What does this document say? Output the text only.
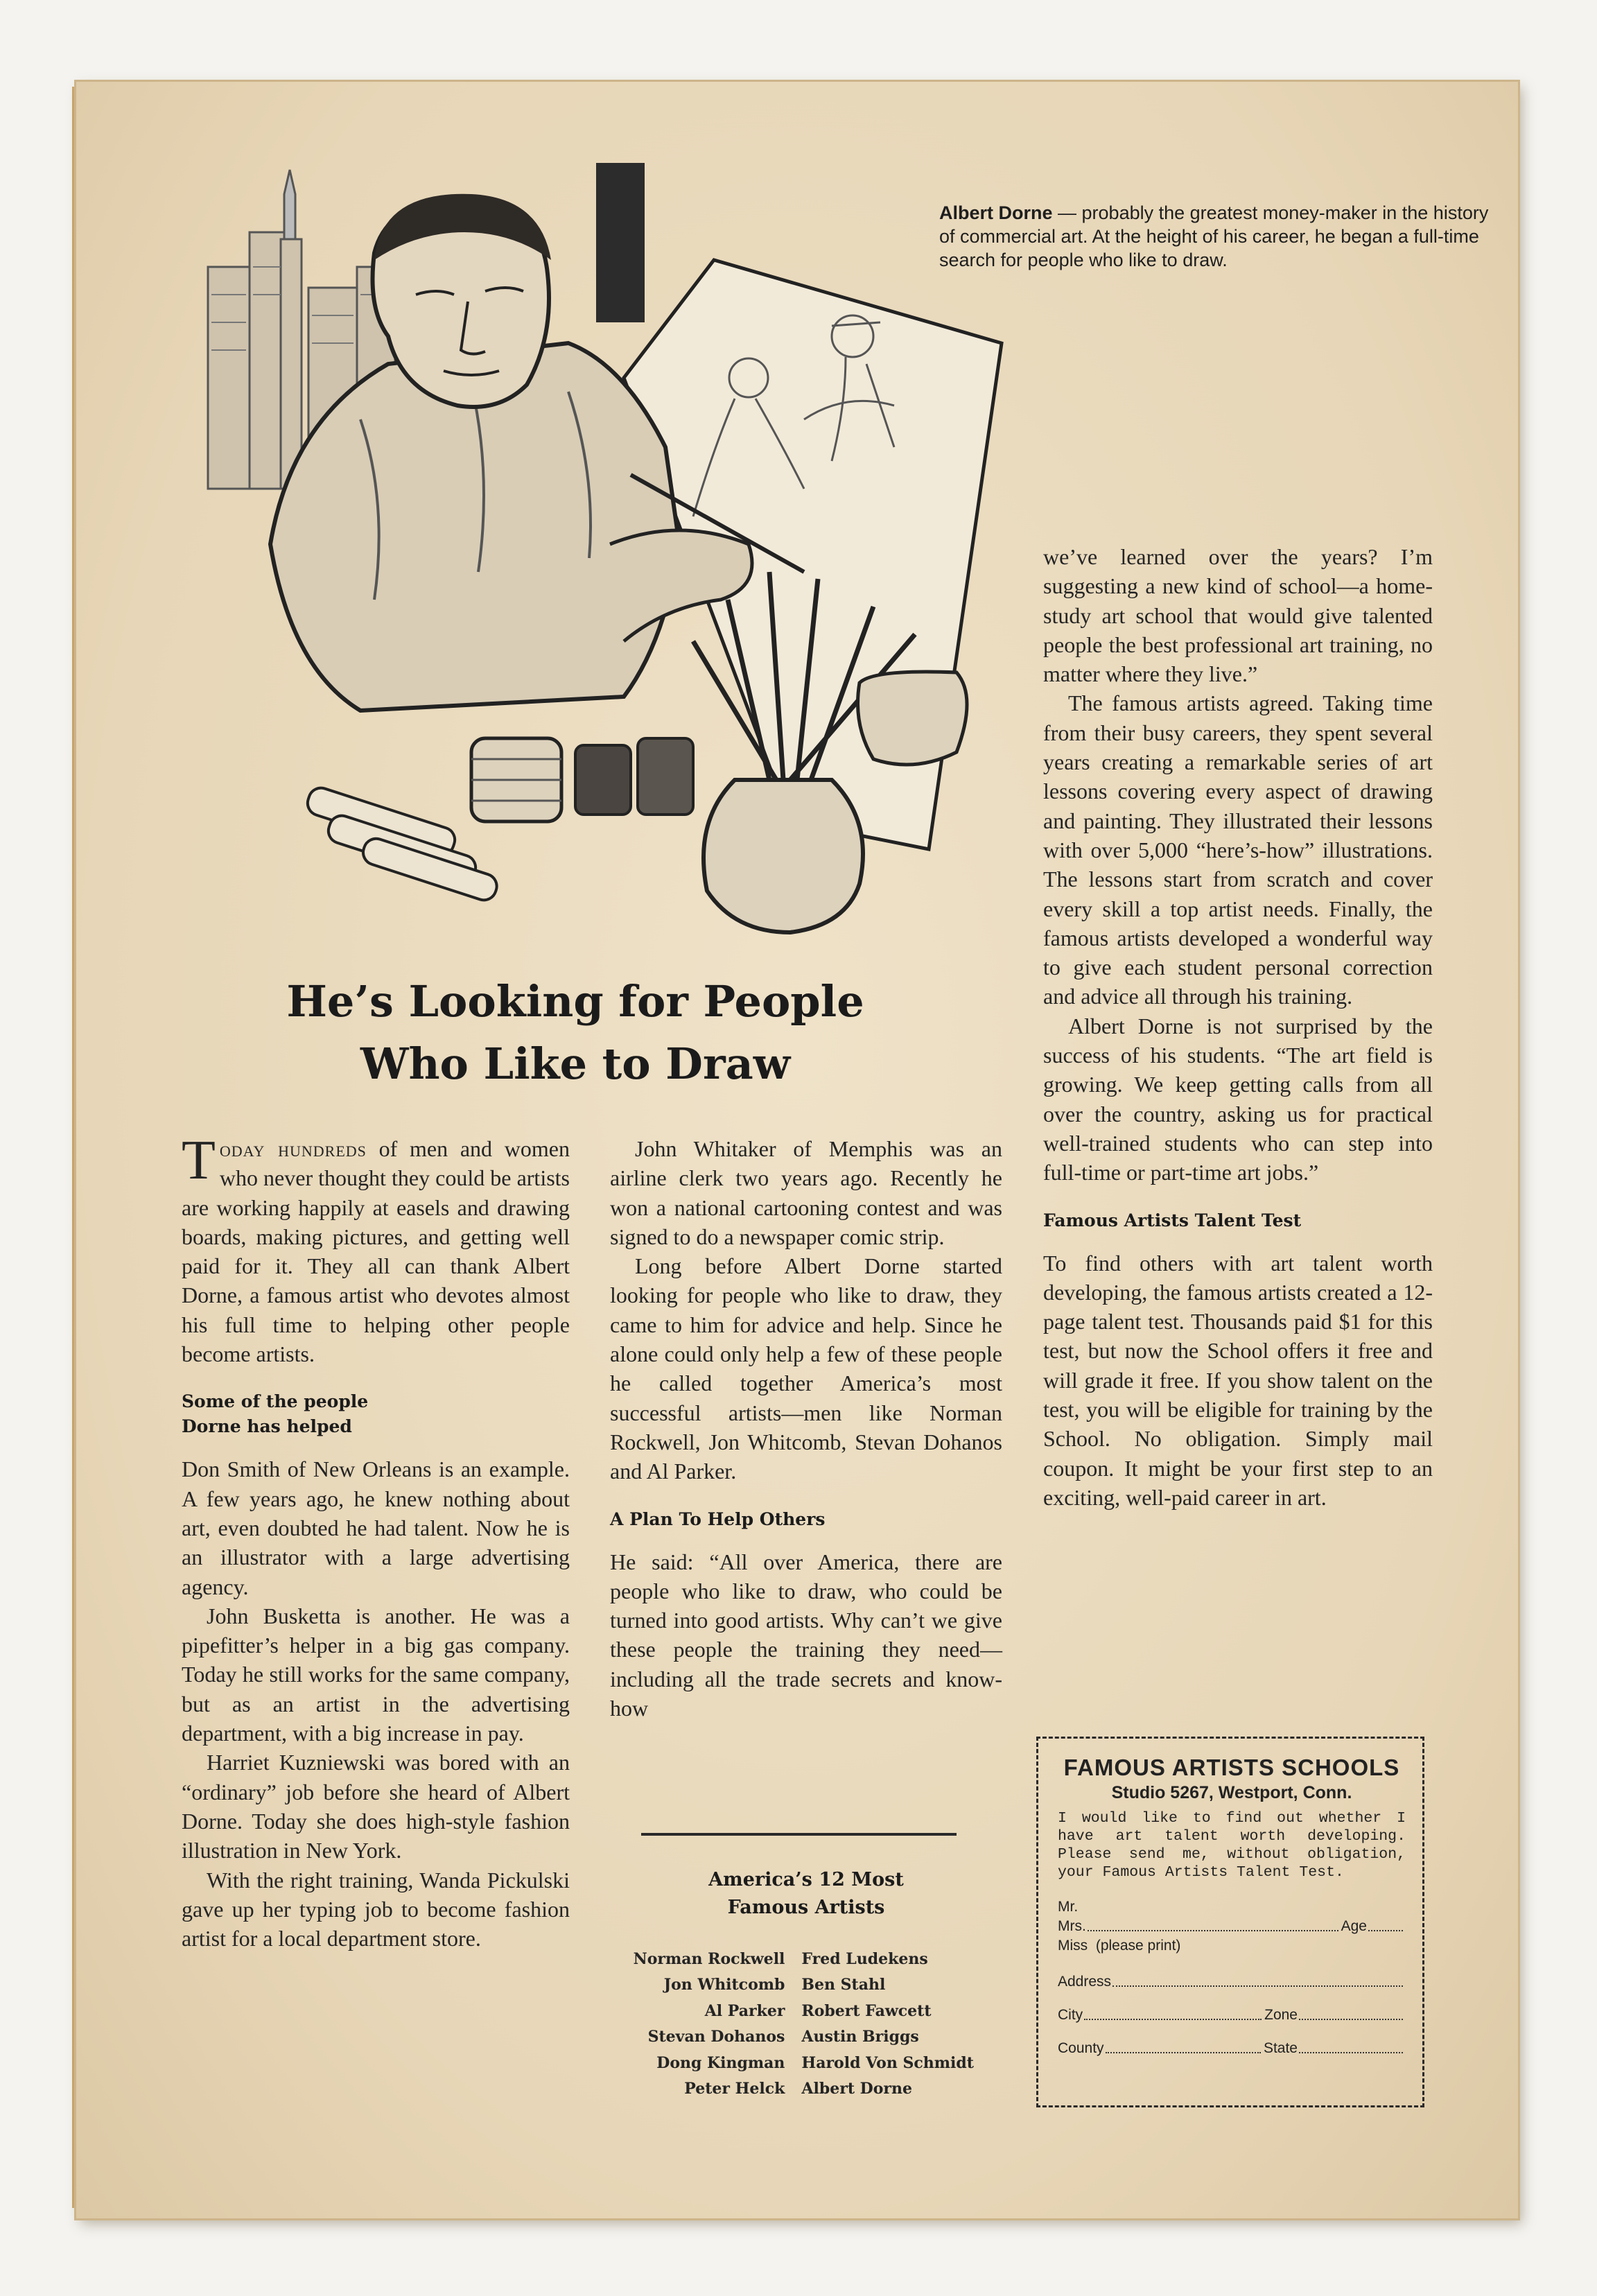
Albert Dorne — probably the greatest money-maker in the history of commercial art. At the height of his career, he began a full-time search for people who like to draw.
He’s Looking for People
Who Like to Draw

Today hundreds of men and women who never thought they could be artists are working happily at easels and drawing boards, making pictures, and getting well paid for it. They all can thank Albert Dorne, a famous artist who devotes almost his full time to helping other people become artists.

Some of the people
Dorne has helped

Don Smith of New Orleans is an example. A few years ago, he knew nothing about art, even doubted he had talent. Now he is an illustrator with a large advertising agency.

John Busketta is another. He was a pipefitter’s helper in a big gas company. Today he still works for the same company, but as an artist in the advertising department, with a big increase in pay.

Harriet Kuzniewski was bored with an “ordinary” job before she heard of Albert Dorne. Today she does high-style fashion illustration in New York.

With the right training, Wanda Pickulski gave up her typing job to become fashion artist for a local department store.

John Whitaker of Memphis was an airline clerk two years ago. Recently he won a national cartooning contest and was signed to do a newspaper comic strip.

Long before Albert Dorne started looking for people who like to draw, they came to him for advice and help. Since he alone could only help a few of these people he called together America’s most successful artists—men like Norman Rockwell, Jon Whitcomb, Stevan Dohanos and Al Parker.

A Plan To Help Others

He said: “All over America, there are people who like to draw, who could be turned into good artists. Why can’t we give these people the training they need—including all the trade secrets and know-how

America’s 12 Most
Famous Artists
Norman Rockwell	Fred Ludekens
Jon Whitcomb	Ben Stahl
Al Parker	Robert Fawcett
Stevan Dohanos	Austin Briggs
Dong Kingman	Harold Von Schmidt
Peter Helck	Albert Dorne

we’ve learned over the years? I’m suggesting a new kind of school—a home-study art school that would give talented people the best professional art training, no matter where they live.”

The famous artists agreed. Taking time from their busy careers, they spent several years creating a remarkable series of art lessons covering every aspect of drawing and painting. They illustrated their lessons with over 5,000 “here’s-how” illustrations. The lessons start from scratch and cover every skill a top artist needs. Finally, the famous artists developed a wonderful way to give each student personal correction and advice all through his training.

Albert Dorne is not surprised by the success of his students. “The art field is growing. We keep getting calls from all over the country, asking us for practical well-trained students who can step into full-time or part-time art jobs.”

Famous Artists Talent Test

To find others with art talent worth developing, the famous artists created a 12-page talent test. Thousands paid $1 for this test, but now the School offers it free and will grade it free. If you show talent on the test, you will be eligible for training by the School. No obligation. Simply mail coupon. It might be your first step to an exciting, well-paid career in art.

FAMOUS ARTISTS SCHOOLS
Studio 5267, Westport, Conn.
I would like to find out whether I have art talent worth developing. Please send me, without obligation, your Famous Artists Talent Test.
Mr.
Mrs.	Age
Miss
(please print)
Address
City	Zone
County	State
